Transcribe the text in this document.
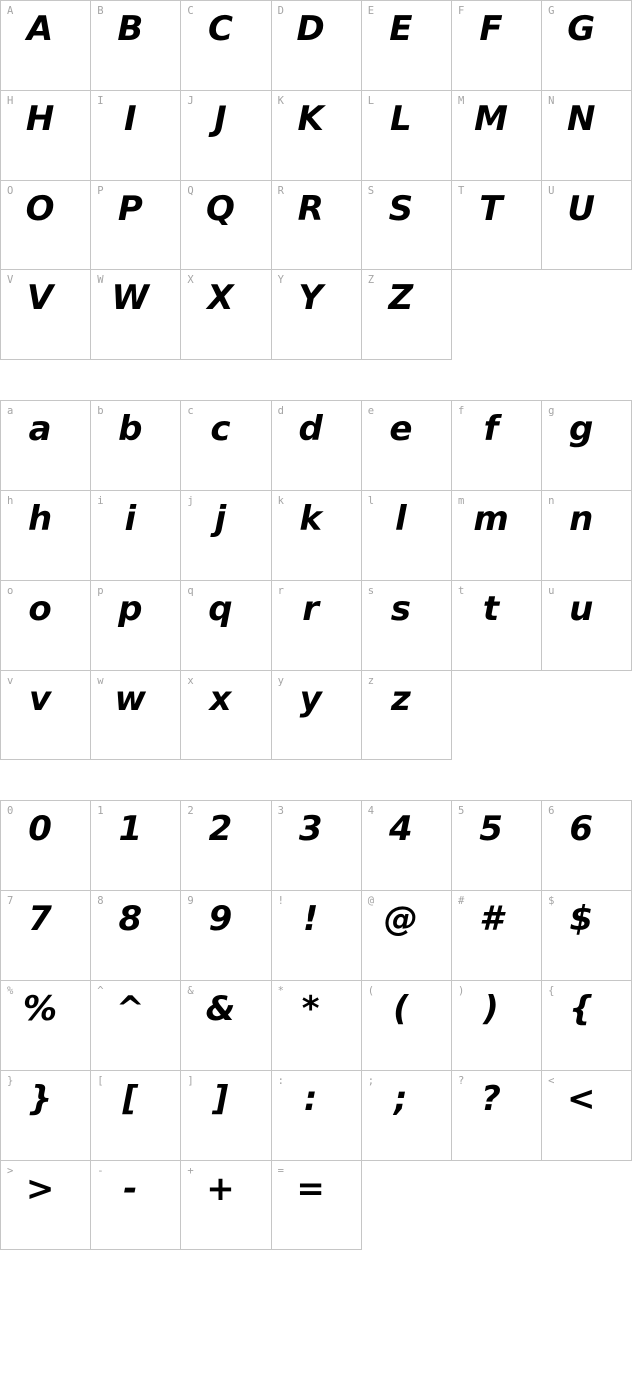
A A	B B	C C	D D	E E	F F	G G

H H	I I	J J	K K	L L	M M	N N

O O	P P	Q Q	R R	S S	T T	U U

V V	W W	X X	Y Y	Z Z		
a a	b b	c c	d d	e e	f f	g g

h h	i i	j j	k k	l l	m m	n n

o o	p p	q q	r r	s s	t t	u u

v v	w w	x x	y y	z z		
0 0	1 1	2 2	3 3	4 4	5 5	6 6

7 7	8 8	9 9	! !	@ @	# #	$ $

% %	^ ^	& &	* *	( (	) )	{ {

} }	[ [	] ]	: :	; ;	? ?	< <

> >	- -	+ +	= =			
